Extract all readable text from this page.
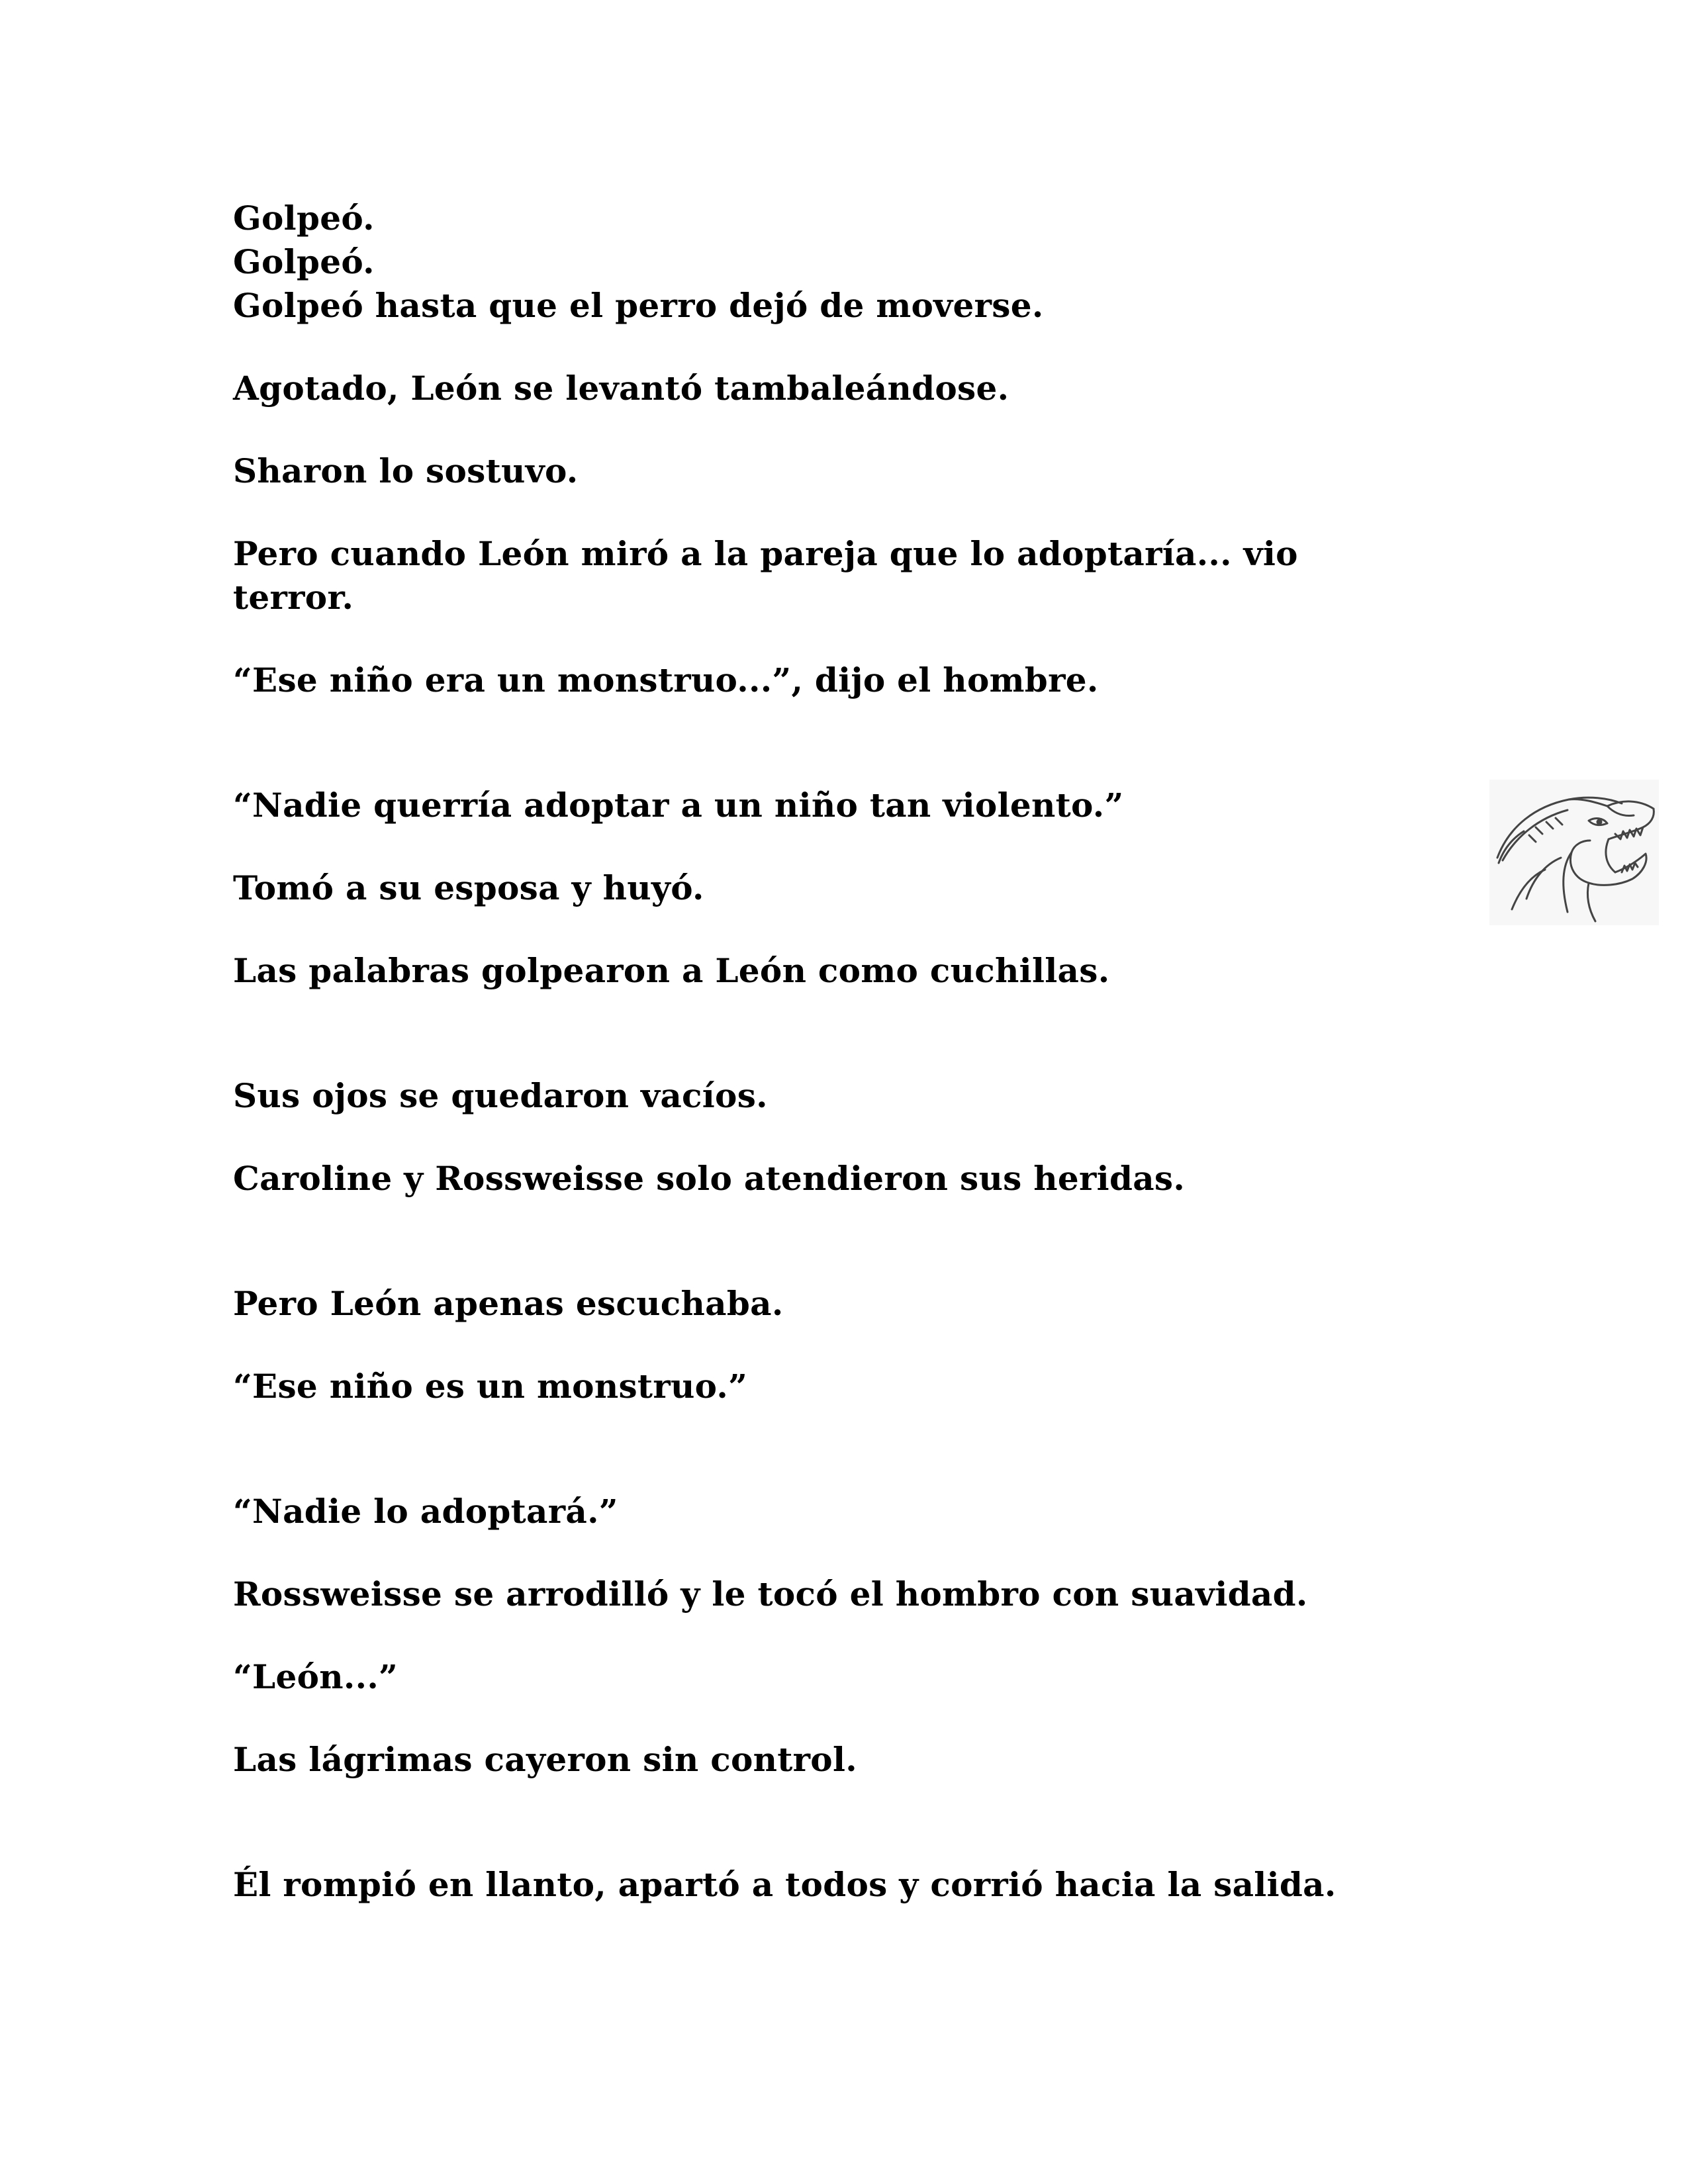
Golpeó.

Golpeó.

Golpeó hasta que el perro dejó de moverse.

Agotado, León se levantó tambaleándose.

Sharon lo sostuvo.

Pero cuando León miró a la pareja que lo adoptaría... vio

terror.

“Ese niño era un monstruo...”, dijo el hombre.

“Nadie querría adoptar a un niño tan violento.”

Tomó a su esposa y huyó.

Las palabras golpearon a León como cuchillas.

Sus ojos se quedaron vacíos.

Caroline y Rossweisse solo atendieron sus heridas.

Pero León apenas escuchaba.

“Ese niño es un monstruo.”

“Nadie lo adoptará.”

Rossweisse se arrodilló y le tocó el hombro con suavidad.

“León...”

Las lágrimas cayeron sin control.

Él rompió en llanto, apartó a todos y corrió hacia la salida.
